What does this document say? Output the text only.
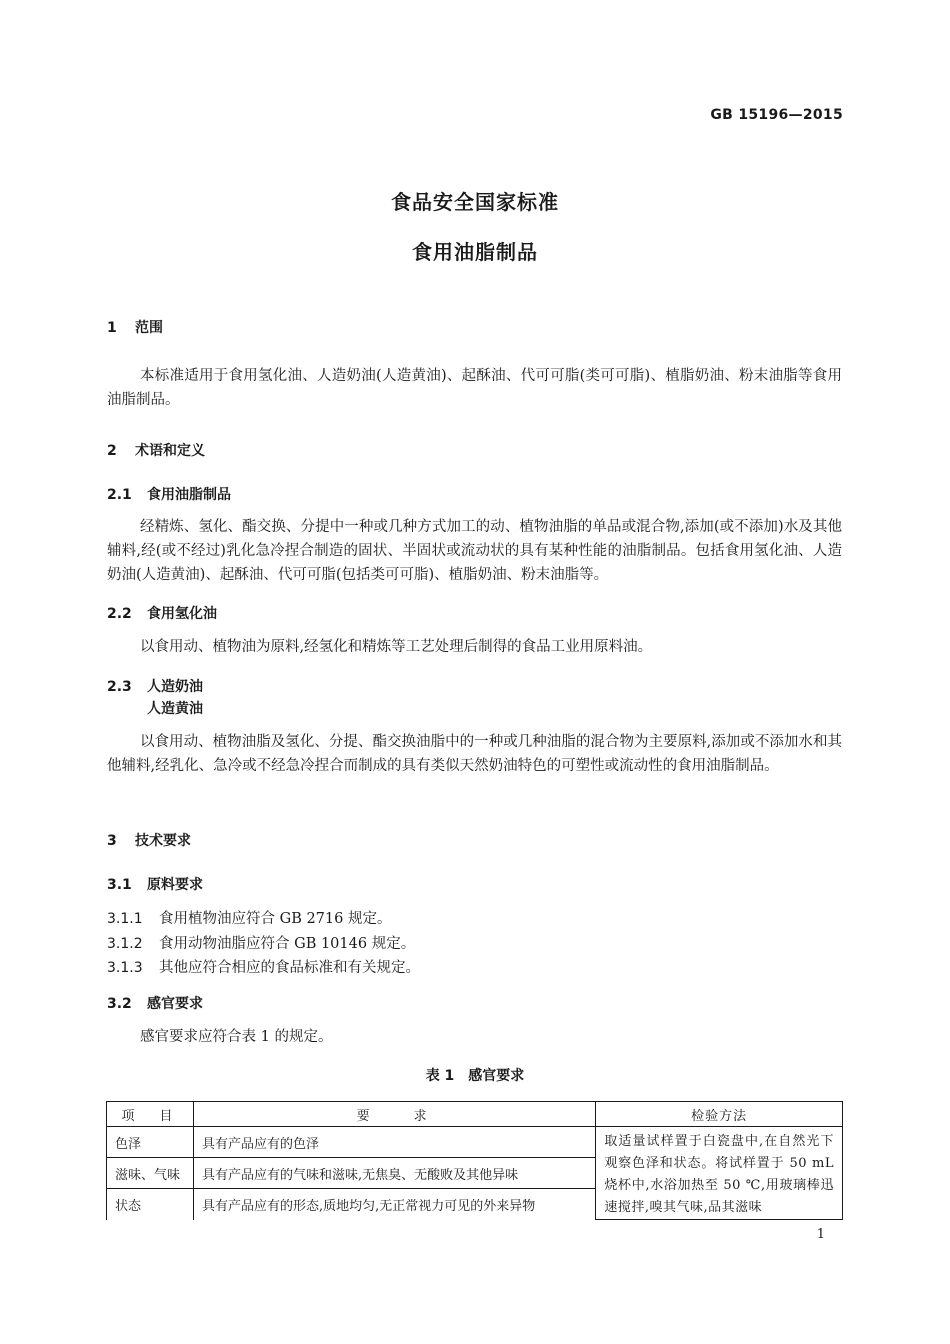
GB 15196—2015
食品安全国家标准
食用油脂制品
1 范围
本标准适用于食用氢化油、人造奶油(人造黄油)、起酥油、代可可脂(类可可脂)、植脂奶油、粉末油脂等食用油脂制品。
2 术语和定义
2.1 食用油脂制品
经精炼、氢化、酯交换、分提中一种或几种方式加工的动、植物油脂的单品或混合物,添加(或不添加)水及其他辅料,经(或不经过)乳化急冷捏合制造的固状、半固状或流动状的具有某种性能的油脂制品。包括食用氢化油、人造奶油(人造黄油)、起酥油、代可可脂(包括类可可脂)、植脂奶油、粉末油脂等。
2.2 食用氢化油
以食用动、植物油为原料,经氢化和精炼等工艺处理后制得的食品工业用原料油。
2.3 人造奶油
人造黄油
以食用动、植物油脂及氢化、分提、酯交换油脂中的一种或几种油脂的混合物为主要原料,添加或不添加水和其他辅料,经乳化、急冷或不经急冷捏合而制成的具有类似天然奶油特色的可塑性或流动性的食用油脂制品。
3 技术要求
3.1 原料要求
3.1.1 食用植物油应符合 GB 2716 规定。
3.1.2 食用动物油脂应符合 GB 10146 规定。
3.1.3 其他应符合相应的食品标准和有关规定。
3.2 感官要求
感官要求应符合表 1 的规定。
表 1　感官要求
项　目	要　　求	检验方法
色泽	具有产品应有的色泽	取适量试样置于白瓷盘中,在自然光下观察色泽和状态。将试样置于 50 mL 烧杯中,水浴加热至 50 ℃,用玻璃棒迅速搅拌,嗅其气味,品其滋味
滋味、气味	具有产品应有的气味和滋味,无焦臭、无酸败及其他异味	
状态	具有产品应有的形态,质地均匀,无正常视力可见的外来异物	
1
